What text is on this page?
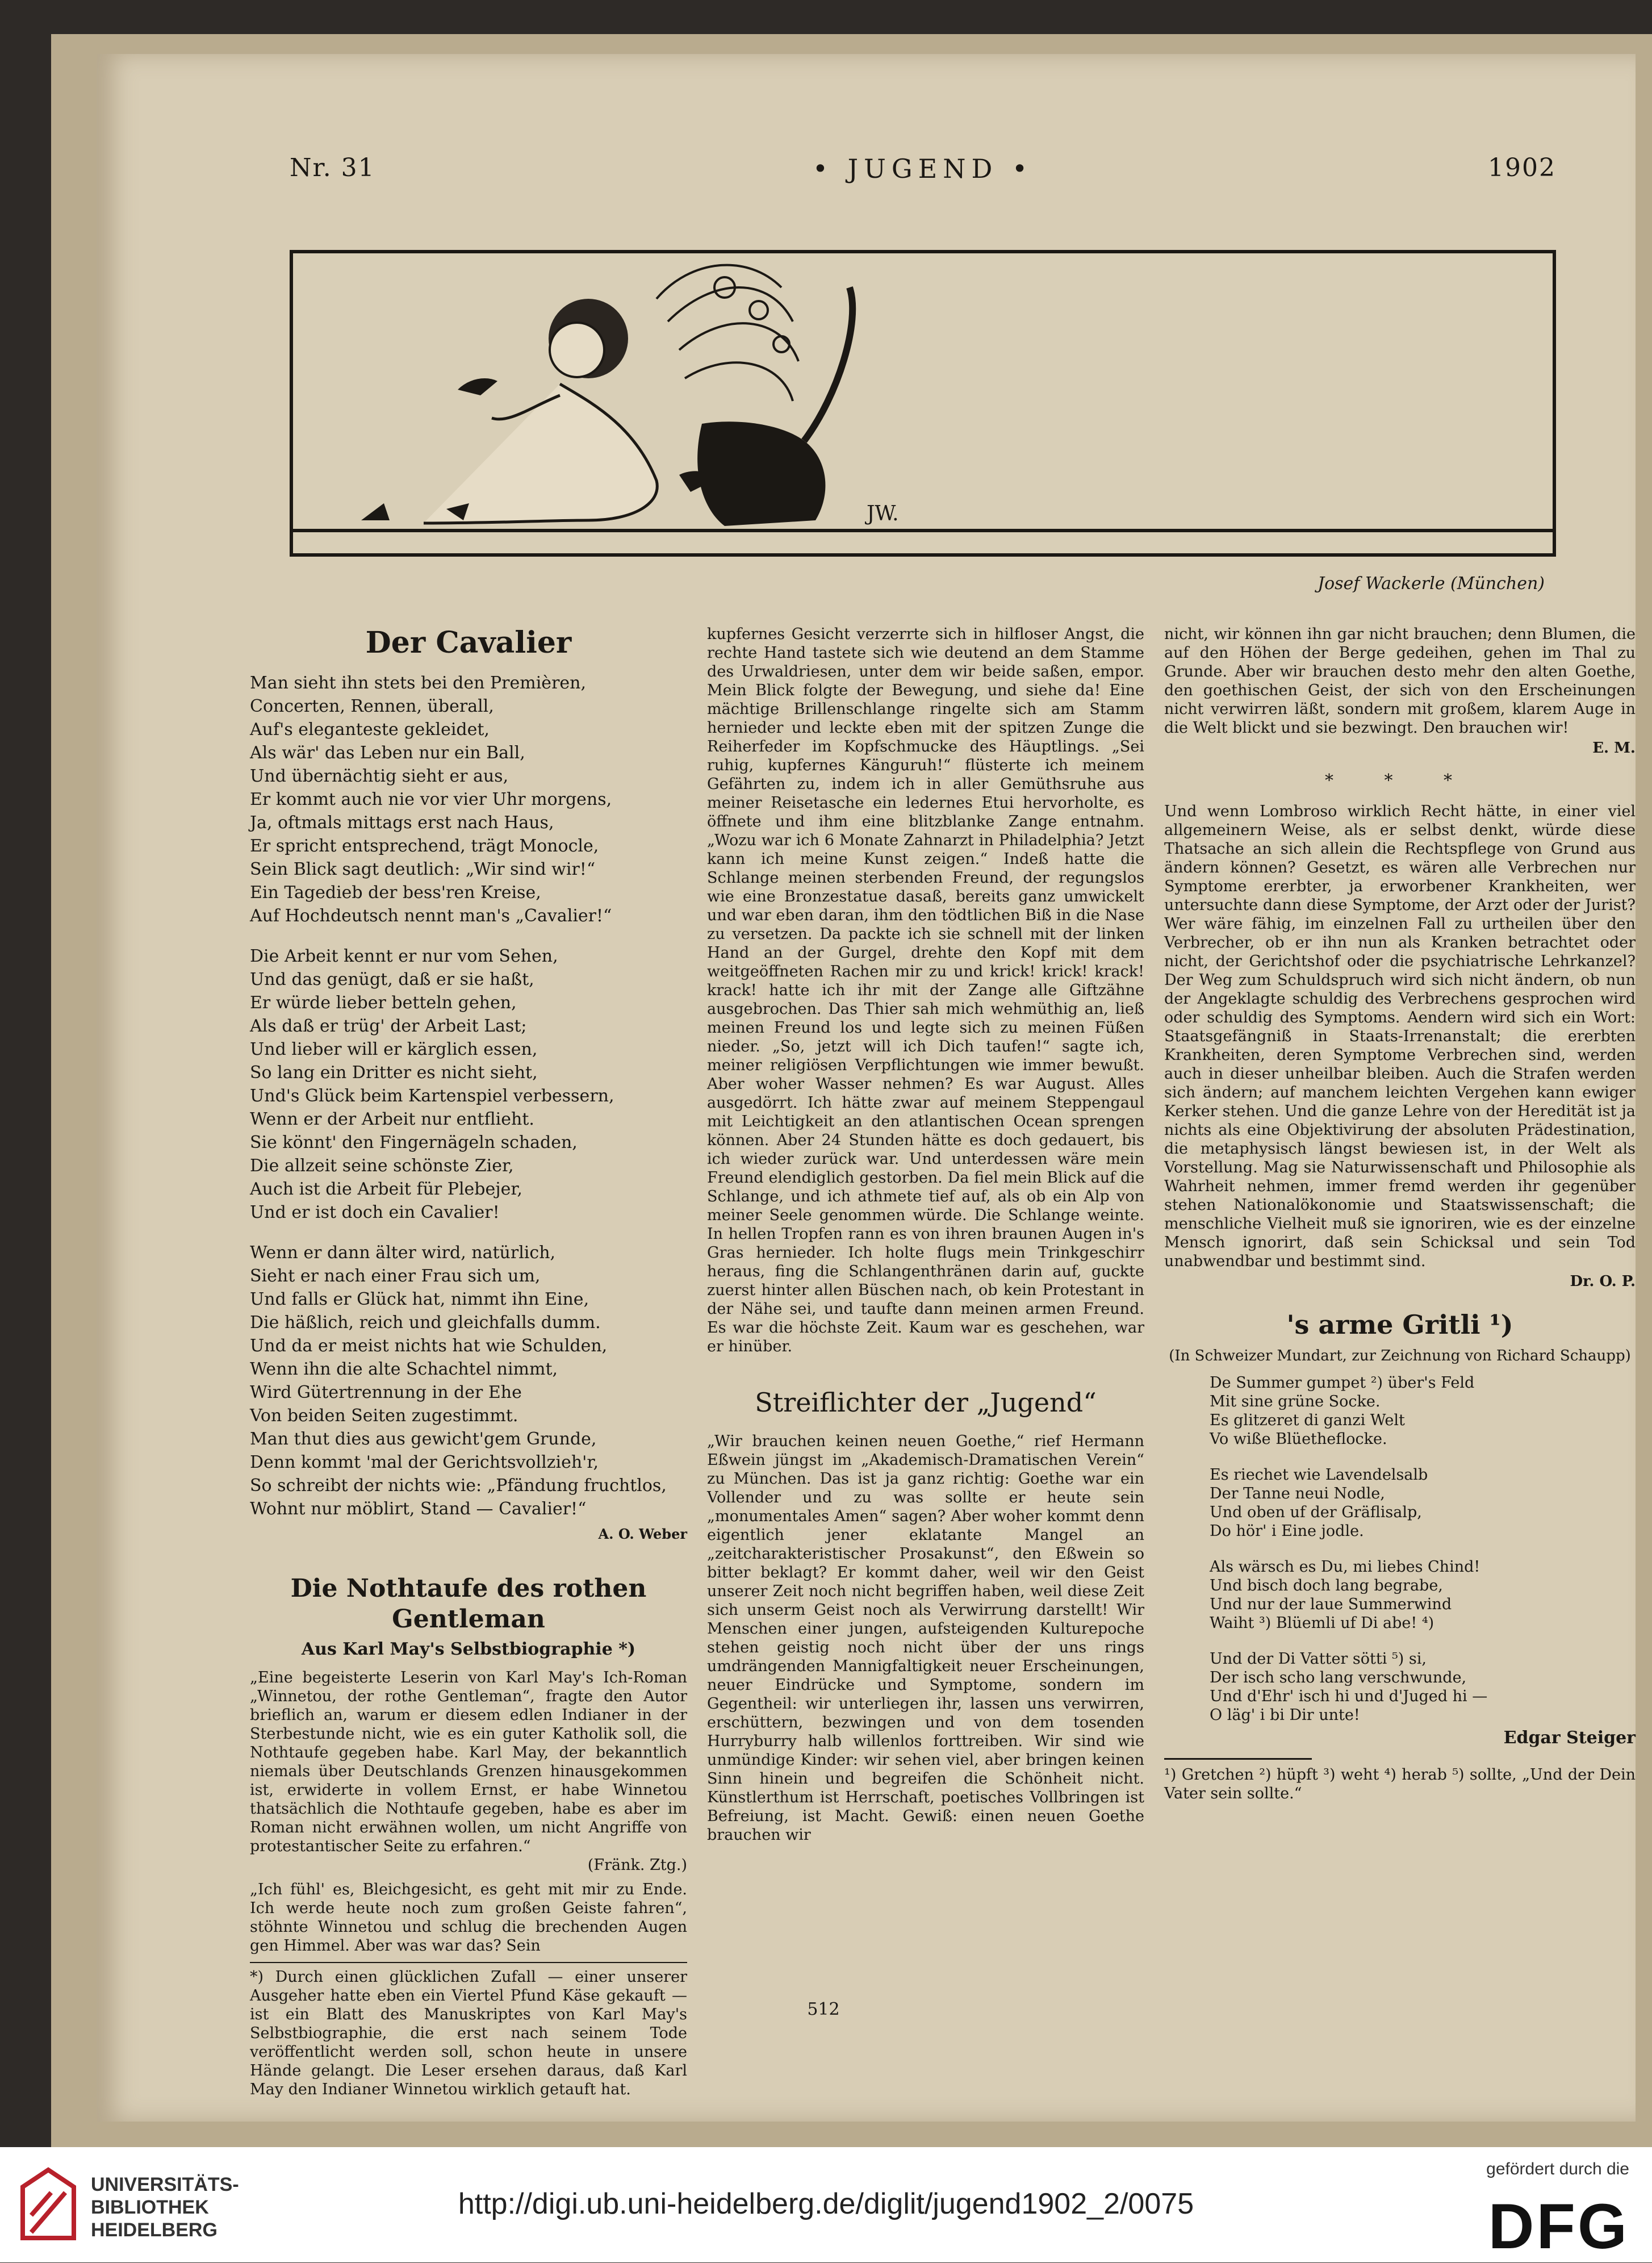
Nr. 31	• JUGEND •	1902
JW.
Josef Wackerle (München)
Der Cavalier

Man sieht ihn stets bei den Premièren,

Concerten, Rennen, überall,

Auf's eleganteste gekleidet,

Als wär' das Leben nur ein Ball,

Und übernächtig sieht er aus,

Er kommt auch nie vor vier Uhr morgens,

Ja, oftmals mittags erst nach Haus,

Er spricht entsprechend, trägt Monocle,

Sein Blick sagt deutlich: „Wir sind wir!“

Ein Tagedieb der bess'ren Kreise,

Auf Hochdeutsch nennt man's „Cavalier!“

Die Arbeit kennt er nur vom Sehen,

Und das genügt, daß er sie haßt,

Er würde lieber betteln gehen,

Als daß er trüg' der Arbeit Last;

Und lieber will er kärglich essen,

So lang ein Dritter es nicht sieht,

Und's Glück beim Kartenspiel verbessern,

Wenn er der Arbeit nur entflieht.

Sie könnt' den Fingernägeln schaden,

Die allzeit seine schönste Zier,

Auch ist die Arbeit für Plebejer,

Und er ist doch ein Cavalier!

Wenn er dann älter wird, natürlich,

Sieht er nach einer Frau sich um,

Und falls er Glück hat, nimmt ihn Eine,

Die häßlich, reich und gleichfalls dumm.

Und da er meist nichts hat wie Schulden,

Wenn ihn die alte Schachtel nimmt,

Wird Gütertrennung in der Ehe

Von beiden Seiten zugestimmt.

Man thut dies aus gewicht'gem Grunde,

Denn kommt 'mal der Gerichtsvollzieh'r,

So schreibt der nichts wie: „Pfändung fruchtlos,

Wohnt nur möblirt, Stand — Cavalier!“

A. O. Weber
Die Nothtaufe des rothen Gentleman
Aus Karl May's Selbstbiographie *)

„Eine begeisterte Leserin von Karl May's Ich-Roman „Winnetou, der rothe Gentleman“, fragte den Autor brieflich an, warum er diesem edlen Indianer in der Sterbestunde nicht, wie es ein guter Katholik soll, die Nothtaufe gegeben habe. Karl May, der bekanntlich niemals über Deutschlands Grenzen hinausgekommen ist, erwiderte in vollem Ernst, er habe Winnetou thatsächlich die Nothtaufe gegeben, habe es aber im Roman nicht erwähnen wollen, um nicht Angriffe von protestantischer Seite zu erfahren.“

(Fränk. Ztg.)

„Ich fühl' es, Bleichgesicht, es geht mit mir zu Ende. Ich werde heute noch zum großen Geiste fahren“, stöhnte Winnetou und schlug die brechenden Augen gen Himmel. Aber was war das? Sein

*) Durch einen glücklichen Zufall — einer unserer Ausgeher hatte eben ein Viertel Pfund Käse gekauft — ist ein Blatt des Manuskriptes von Karl May's Selbstbiographie, die erst nach seinem Tode veröffentlicht werden soll, schon heute in unsere Hände gelangt. Die Leser ersehen daraus, daß Karl May den Indianer Winnetou wirklich getauft hat.

kupfernes Gesicht verzerrte sich in hilfloser Angst, die rechte Hand tastete sich wie deutend an dem Stamme des Urwaldriesen, unter dem wir beide saßen, empor. Mein Blick folgte der Bewegung, und siehe da! Eine mächtige Brillenschlange ringelte sich am Stamm hernieder und leckte eben mit der spitzen Zunge die Reiherfeder im Kopfschmucke des Häuptlings. „Sei ruhig, kupfernes Känguruh!“ flüsterte ich meinem Gefährten zu, indem ich in aller Gemüthsruhe aus meiner Reisetasche ein ledernes Etui hervorholte, es öffnete und ihm eine blitzblanke Zange entnahm. „Wozu war ich 6 Monate Zahnarzt in Philadelphia? Jetzt kann ich meine Kunst zeigen.“ Indeß hatte die Schlange meinen sterbenden Freund, der regungslos wie eine Bronzestatue dasaß, bereits ganz umwickelt und war eben daran, ihm den tödtlichen Biß in die Nase zu versetzen. Da packte ich sie schnell mit der linken Hand an der Gurgel, drehte den Kopf mit dem weitgeöffneten Rachen mir zu und krick! krick! krack! krack! hatte ich ihr mit der Zange alle Giftzähne ausgebrochen. Das Thier sah mich wehmüthig an, ließ meinen Freund los und legte sich zu meinen Füßen nieder. „So, jetzt will ich Dich taufen!“ sagte ich, meiner religiösen Verpflichtungen wie immer bewußt. Aber woher Wasser nehmen? Es war August. Alles ausgedörrt. Ich hätte zwar auf meinem Steppengaul mit Leichtigkeit an den atlantischen Ocean sprengen können. Aber 24 Stunden hätte es doch gedauert, bis ich wieder zurück war. Und unterdessen wäre mein Freund elendiglich gestorben. Da fiel mein Blick auf die Schlange, und ich athmete tief auf, als ob ein Alp von meiner Seele genommen würde. Die Schlange weinte. In hellen Tropfen rann es von ihren braunen Augen in's Gras hernieder. Ich holte flugs mein Trinkgeschirr heraus, fing die Schlangenthränen darin auf, guckte zuerst hinter allen Büschen nach, ob kein Protestant in der Nähe sei, und taufte dann meinen armen Freund. Es war die höchste Zeit. Kaum war es geschehen, war er hinüber.

Streiflichter der „Jugend“

„Wir brauchen keinen neuen Goethe,“ rief Hermann Eßwein jüngst im „Akademisch-Dramatischen Verein“ zu München. Das ist ja ganz richtig: Goethe war ein Vollender und zu was sollte er heute sein „monumentales Amen“ sagen? Aber woher kommt denn eigentlich jener eklatante Mangel an „zeitcharakteristischer Prosakunst“, den Eßwein so bitter beklagt? Er kommt daher, weil wir den Geist unserer Zeit noch nicht begriffen haben, weil diese Zeit sich unserm Geist noch als Verwirrung darstellt! Wir Menschen einer jungen, aufsteigenden Kulturepoche stehen geistig noch nicht über der uns rings umdrängenden Mannigfaltigkeit neuer Erscheinungen, neuer Eindrücke und Symptome, sondern im Gegentheil: wir unterliegen ihr, lassen uns verwirren, erschüttern, bezwingen und von dem tosenden Hurryburry halb willenlos forttreiben. Wir sind wie unmündige Kinder: wir sehen viel, aber bringen keinen Sinn hinein und begreifen die Schönheit nicht. Künstlerthum ist Herrschaft, poetisches Vollbringen ist Befreiung, ist Macht. Gewiß: einen neuen Goethe brauchen wir

nicht, wir können ihn gar nicht brauchen; denn Blumen, die auf den Höhen der Berge gedeihen, gehen im Thal zu Grunde. Aber wir brauchen desto mehr den alten Goethe, den goethischen Geist, der sich von den Erscheinungen nicht verwirren läßt, sondern mit großem, klarem Auge in die Welt blickt und sie bezwingt. Den brauchen wir!

E. M.
* * *

Und wenn Lombroso wirklich Recht hätte, in einer viel allgemeinern Weise, als er selbst denkt, würde diese Thatsache an sich allein die Rechtspflege von Grund aus ändern können? Gesetzt, es wären alle Verbrechen nur Symptome ererbter, ja erworbener Krankheiten, wer untersuchte dann diese Symptome, der Arzt oder der Jurist? Wer wäre fähig, im einzelnen Fall zu urtheilen über den Verbrecher, ob er ihn nun als Kranken betrachtet oder nicht, der Gerichtshof oder die psychiatrische Lehrkanzel? Der Weg zum Schuldspruch wird sich nicht ändern, ob nun der Angeklagte schuldig des Verbrechens gesprochen wird oder schuldig des Symptoms. Aendern wird sich ein Wort: Staatsgefängniß in Staats-Irrenanstalt; die ererbten Krankheiten, deren Symptome Verbrechen sind, werden auch in dieser unheilbar bleiben. Auch die Strafen werden sich ändern; auf manchem leichten Vergehen kann ewiger Kerker stehen. Und die ganze Lehre von der Heredität ist ja nichts als eine Objektivirung der absoluten Prädestination, die metaphysisch längst bewiesen ist, in der Welt als Vorstellung. Mag sie Naturwissenschaft und Philosophie als Wahrheit nehmen, immer fremd werden ihr gegenüber stehen Nationalökonomie und Staatswissenschaft; die menschliche Vielheit muß sie ignoriren, wie es der einzelne Mensch ignorirt, daß sein Schicksal und sein Tod unabwendbar und bestimmt sind.

Dr. O. P.
's arme Gritli ¹)
(In Schweizer Mundart, zur Zeichnung von Richard Schaupp)

De Summer gumpet ²) über's Feld

Mit sine grüne Socke.

Es glitzeret di ganzi Welt

Vo wiße Blüetheflocke.

Es riechet wie Lavendelsalb

Der Tanne neui Nodle,

Und oben uf der Gräflisalp,

Do hör' i Eine jodle.

Als wärsch es Du, mi liebes Chind!

Und bisch doch lang begrabe,

Und nur der laue Summerwind

Waiht ³) Blüemli uf Di abe! ⁴)

Und der Di Vatter sötti ⁵) si,

Der isch scho lang verschwunde,

Und d'Ehr' isch hi und d'Juged hi —

O läg' i bi Dir unte!

Edgar Steiger

¹) Gretchen ²) hüpft ³) weht ⁴) herab ⁵) sollte, „Und der Dein Vater sein sollte.“

512
UNIVERSITÄTS-
BIBLIOTHEK
HEIDELBERG
http://digi.ub.uni-heidelberg.de/diglit/jugend1902_2/0075
gefördert durch die
DFG
